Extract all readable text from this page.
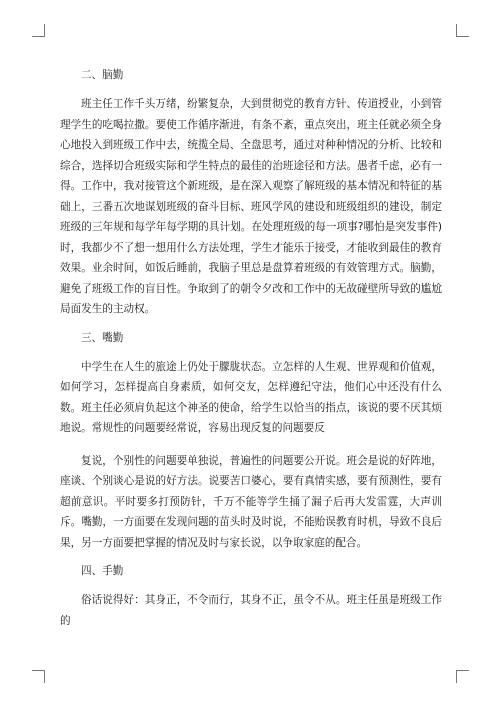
二、脑勤

班主任工作千头万绪，纷繁复杂，大到贯彻党的教育方针、传道授业，小到管理学生的吃喝拉撒。要使工作循序渐进，有条不紊，重点突出，班主任就必须全身心地投入到班级工作中去，统揽全局、全盘思考，通过对种种情况的分析、比较和综合，选择切合班级实际和学生特点的最佳的治班途径和方法。愚者千虑，必有一得。工作中，我对接管这个新班级，是在深入观察了解班级的基本情况和特征的基础上，三番五次地谋划班级的奋斗目标、班风学风的建设和班级组织的建设，制定班级的三年规和每学年每学期的具计划。在处理班级的每一项事?哪怕是突发事件)时，我都少不了想一想用什么方法处理，学生才能乐于接受，才能收到最佳的教育效果。业余时间，如饭后睡前，我脑子里总是盘算着班级的有效管理方式。脑勤，避免了班级工作的盲目性。争取到了的朝令夕改和工作中的无故碰壁所导致的尴尬局面发生的主动权。

三、嘴勤

中学生在人生的旅途上仍处于朦胧状态。立怎样的人生观、世界观和价值观，如何学习，怎样提高自身素质，如何交友，怎样遵纪守法，他们心中还没有什么数。班主任必须肩负起这个神圣的使命，给学生以恰当的指点，该说的要不厌其烦地说。常规性的问题要经常说，容易出现反复的问题要反

复说，个别性的问题要单独说，普遍性的问题要公开说。班会是说的好阵地，座谈、个别谈心是说的好方法。说要苦口婆心，要有真情实感，要有预测性，要有超前意识。平时要多打预防针，千万不能等学生捅了漏子后再大发雷霆，大声训斥。嘴勤，一方面要在发现问题的苗头时及时说，不能贻误教育时机，导致不良后果，另一方面要把掌握的情况及时与家长说，以争取家庭的配合。

四、手勤

俗话说得好：其身正，不令而行，其身不正，虽令不从。班主任虽是班级工作的
